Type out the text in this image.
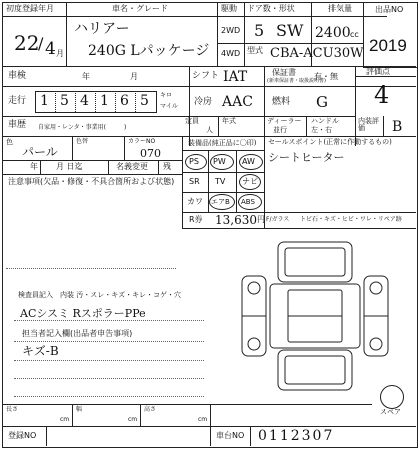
初度登録年月
22
/ 4 月
車名・グレード
ハリアー
240G Lパッケージ
駆動
2WD
4WD
ドア数・形状
5 SW
型式 CBA-ACU30W
排気量
2400 cc
出品NO
2019
車検	年	月	シフト IAT	保証書
(新車保証書・取扱説明書)
有・無
評価点
4
走行 1 5 4 1 6 5 キロ
マイル 冷房 AAC 燃料 G
車歴 自家用・レンタ・事業用(　　　)
定員
人
年式	ディーラー
並行
ハンドル
左・右
内装評価	B
色
パール
色替	カラーNO
070
年 月 日迄	名義変更 残
注意事項(欠品・修復・不具合箇所および状態)
装備品(純正品に〇印)
PS PW AW
SR TV ナビ
カワ エアB ABS
R券 13,630 円
セールスポイント(正常に作動するもの)
シートヒーター
F/ガラス トビ石・キズ・ヒビ・ワレ・リペア跡
検査員記入 内装 汚・スレ・キズ・キレ・コゲ・穴
ACシスミ RスポラーPPe
担当者記入欄(出品者申告事項)
キズ-B
スペア
長さ
cm
幅
cm
高さ
cm
登録NO	車台NO 0112307
